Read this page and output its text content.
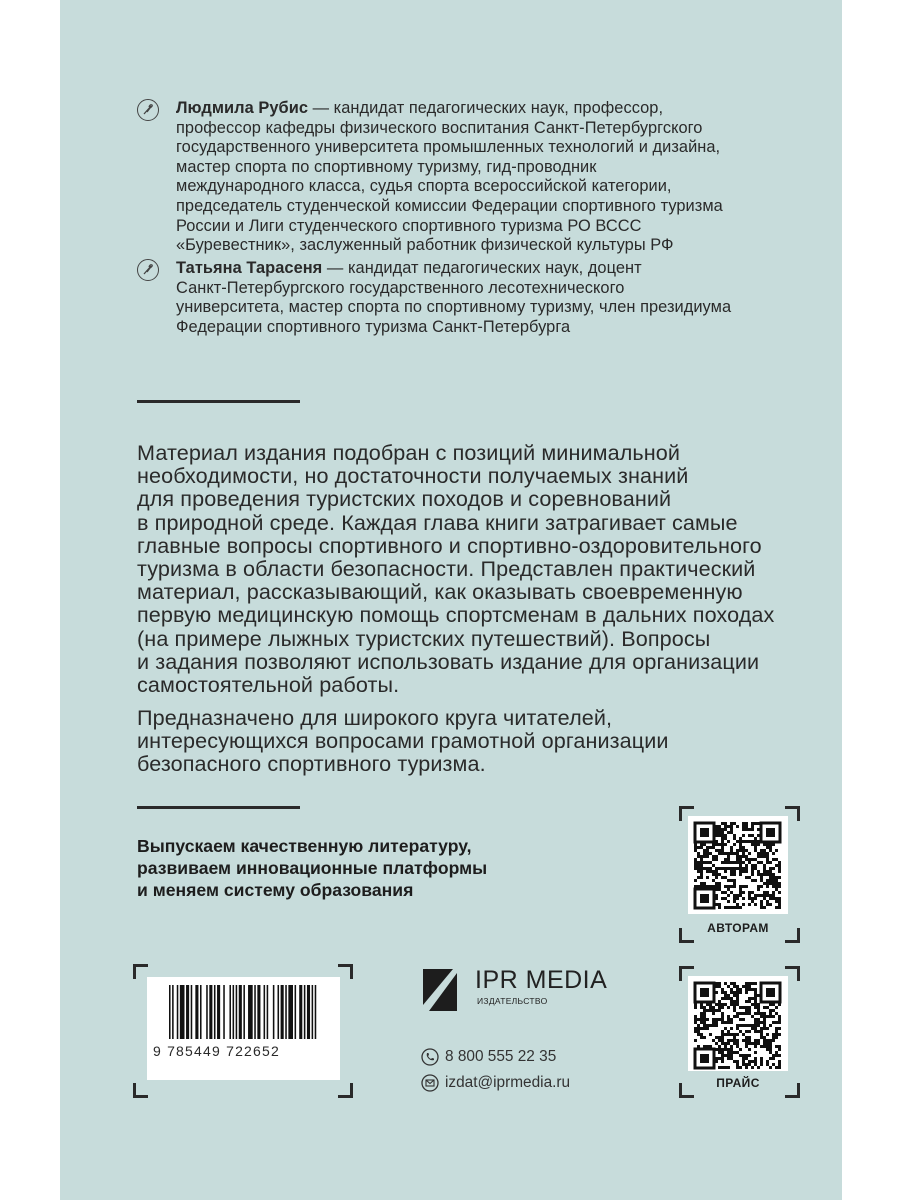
Людмила Рубис — кандидат педагогических наук, профессор,
профессор кафедры физического воспитания Санкт-Петербургского
государственного университета промышленных технологий и дизайна,
мастер спорта по спортивному туризму, гид-проводник
международного класса, судья спорта всероссийской категории,
председатель студенческой комиссии Федерации спортивного туризма
России и Лиги студенческого спортивного туризма РО ВССС
«Буревестник», заслуженный работник физической культуры РФ
Татьяна Тарасеня — кандидат педагогических наук, доцент
Санкт-Петербургского государственного лесотехнического
университета, мастер спорта по спортивному туризму, член президиума
Федерации спортивного туризма Санкт-Петербурга
Материал издания подобран с позиций минимальной
необходимости, но достаточности получаемых знаний
для проведения туристских походов и соревнований
в природной среде. Каждая глава книги затрагивает самые
главные вопросы спортивного и спортивно-оздоровительного
туризма в области безопасности. Представлен практический
материал, рассказывающий, как оказывать своевременную
первую медицинскую помощь спортсменам в дальних походах
(на примере лыжных туристских путешествий). Вопросы
и задания позволяют использовать издание для организации
самостоятельной работы.
Предназначено для широкого круга читателей,
интересующихся вопросами грамотной организации
безопасного спортивного туризма.
Выпускаем качественную литературу,
развиваем инновационные платформы
и меняем систему образования
АВТОРАМ
ПРАЙС
9 785449 722652
IPR MEDIA
ИЗДАТЕЛЬСТВО
8 800 555 22 35
izdat@iprmedia.ru
